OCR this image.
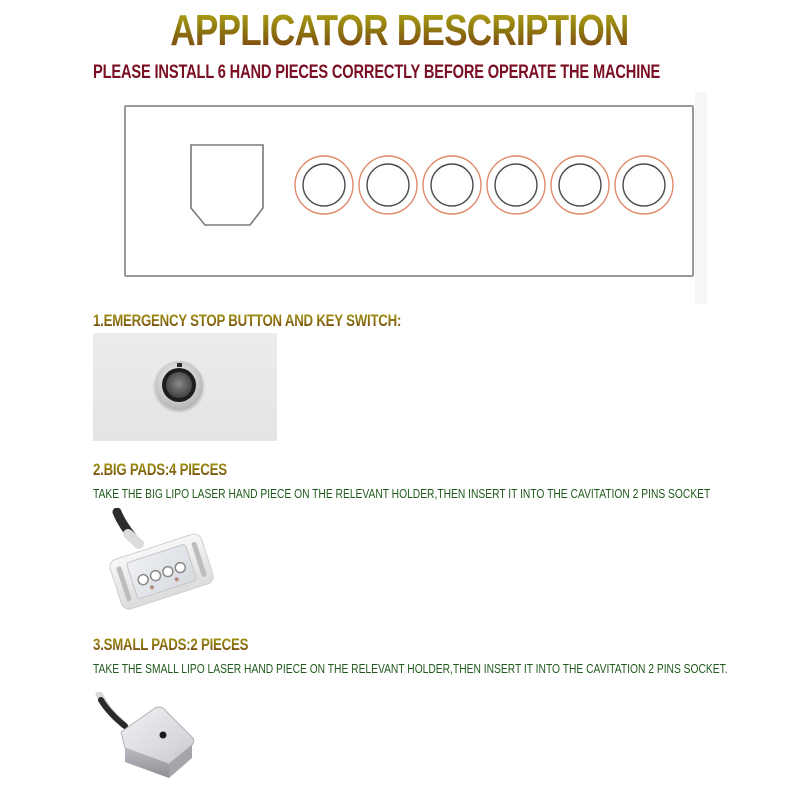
APPLICATOR DESCRIPTION
PLEASE INSTALL 6 HAND PIECES CORRECTLY BEFORE OPERATE THE MACHINE
1.EMERGENCY STOP BUTTON AND KEY SWITCH:
2.BIG PADS:4 PIECES
TAKE THE BIG LIPO LASER HAND PIECE ON THE RELEVANT HOLDER,THEN INSERT IT INTO THE CAVITATION 2 PINS SOCKET
3.SMALL PADS:2 PIECES
TAKE THE SMALL LIPO LASER HAND PIECE ON THE RELEVANT HOLDER,THEN INSERT IT INTO THE CAVITATION 2 PINS SOCKET.
